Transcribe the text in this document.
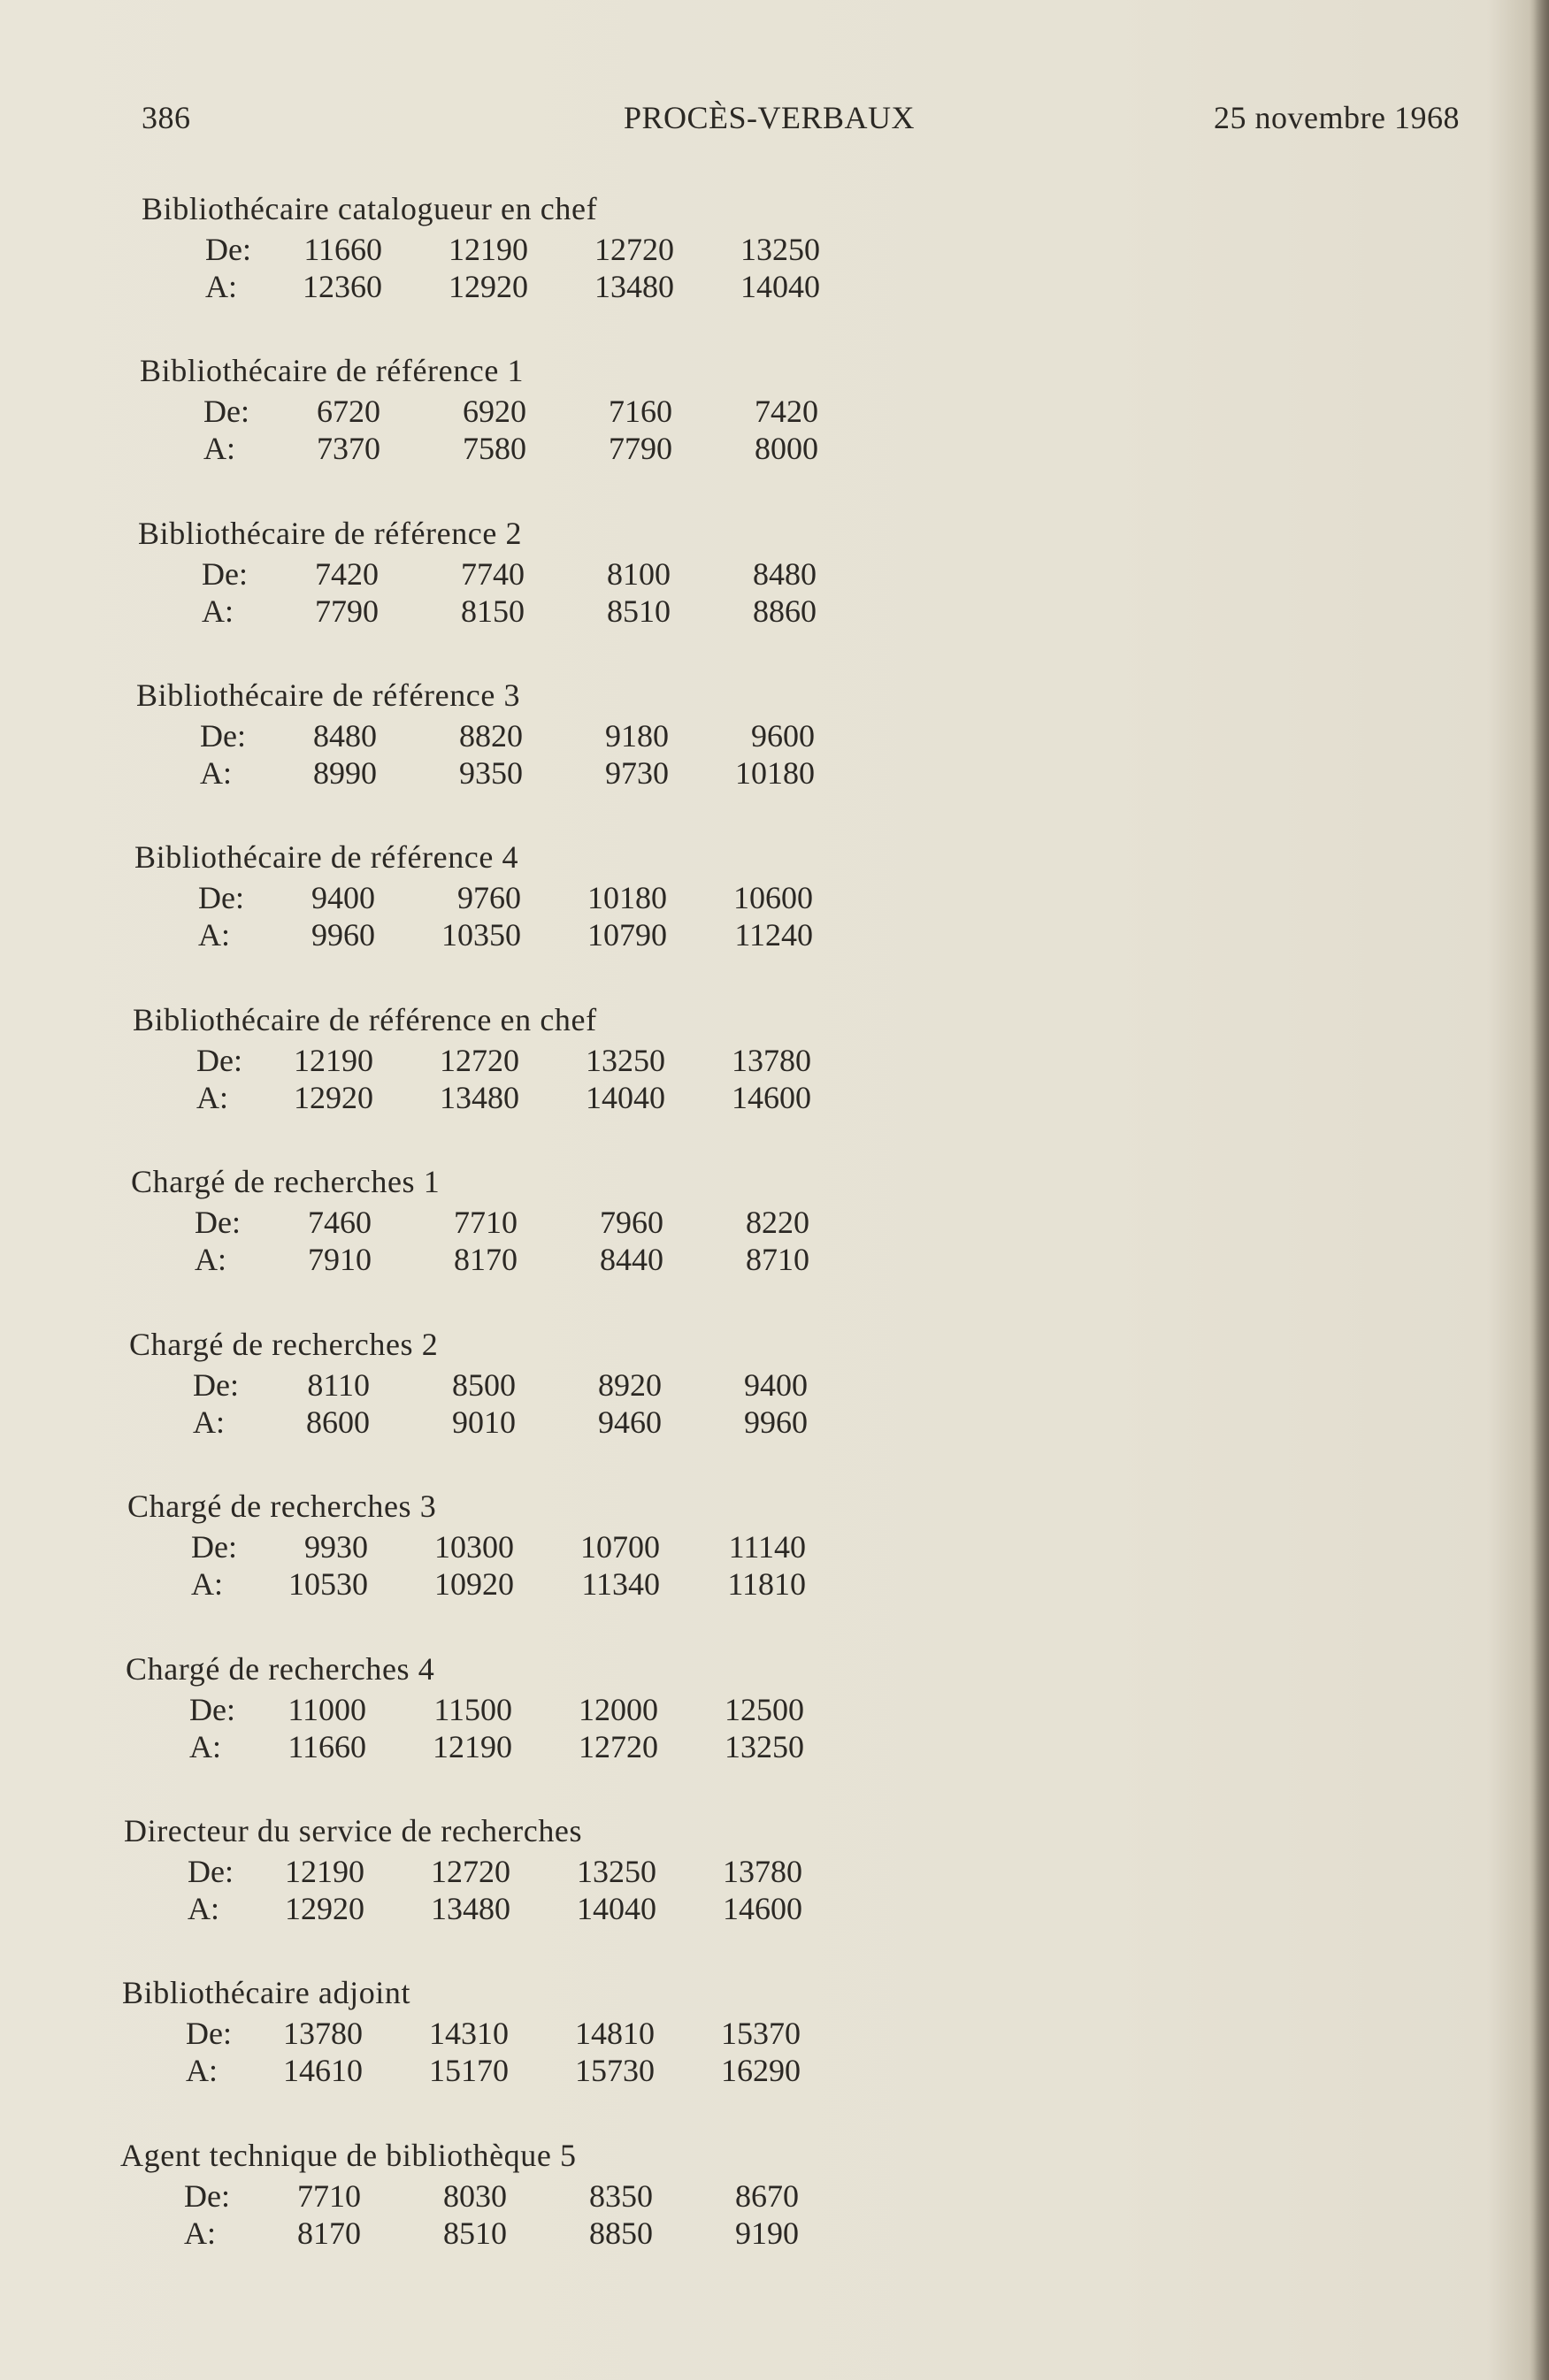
386	PROCÈS-VERBAUX	25 novembre 1968
Bibliothécaire catalogueur en chef
De:	11660	12190	12720	13250
A:	12360	12920	13480	14040
Bibliothécaire de référence 1
De:	6720	6920	7160	7420
A:	7370	7580	7790	8000
Bibliothécaire de référence 2
De:	7420	7740	8100	8480
A:	7790	8150	8510	8860
Bibliothécaire de référence 3
De:	8480	8820	9180	9600
A:	8990	9350	9730	10180
Bibliothécaire de référence 4
De:	9400	9760	10180	10600
A:	9960	10350	10790	11240
Bibliothécaire de référence en chef
De:	12190	12720	13250	13780
A:	12920	13480	14040	14600
Chargé de recherches 1
De:	7460	7710	7960	8220
A:	7910	8170	8440	8710
Chargé de recherches 2
De:	8110	8500	8920	9400
A:	8600	9010	9460	9960
Chargé de recherches 3
De:	9930	10300	10700	11140
A:	10530	10920	11340	11810
Chargé de recherches 4
De:	11000	11500	12000	12500
A:	11660	12190	12720	13250
Directeur du service de recherches
De:	12190	12720	13250	13780
A:	12920	13480	14040	14600
Bibliothécaire adjoint
De:	13780	14310	14810	15370
A:	14610	15170	15730	16290
Agent technique de bibliothèque 5
De:	7710	8030	8350	8670
A:	8170	8510	8850	9190
